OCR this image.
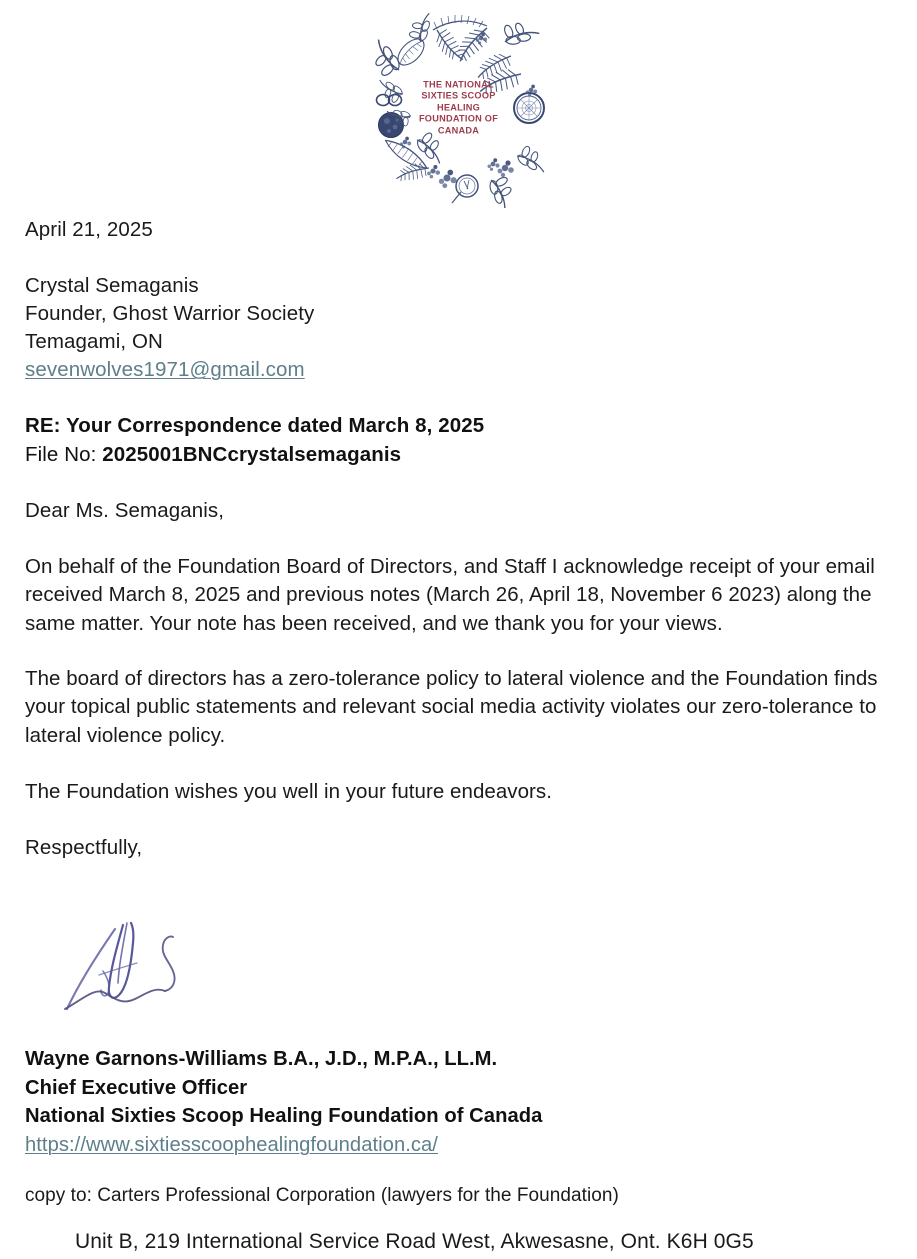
THE NATIONAL
SIXTIES SCOOP
HEALING
FOUNDATION OF
CANADA
April 21, 2025
Crystal Semaganis
Founder, Ghost Warrior Society
Temagami, ON
sevenwolves1971@gmail.com
RE: Your Correspondence dated March 8, 2025
File No: 2025001BNCcrystalsemaganis
Dear Ms. Semaganis,
On behalf of the Foundation Board of Directors, and Staff I acknowledge receipt of your email received March 8, 2025 and previous notes (March 26, April 18, November 6 2023) along the same matter. Your note has been received, and we thank you for your views.
The board of directors has a zero-tolerance policy to lateral violence and the Foundation finds your topical public statements and relevant social media activity violates our zero-tolerance to lateral violence policy.
The Foundation wishes you well in your future endeavors.
Respectfully,
Wayne Garnons-Williams B.A., J.D., M.P.A., LL.M.
Chief Executive Officer
National Sixties Scoop Healing Foundation of Canada
https://www.sixtiesscoophealingfoundation.ca/
copy to: Carters Professional Corporation (lawyers for the Foundation)
Unit B, 219 International Service Road West, Akwesasne, Ont. K6H 0G5
